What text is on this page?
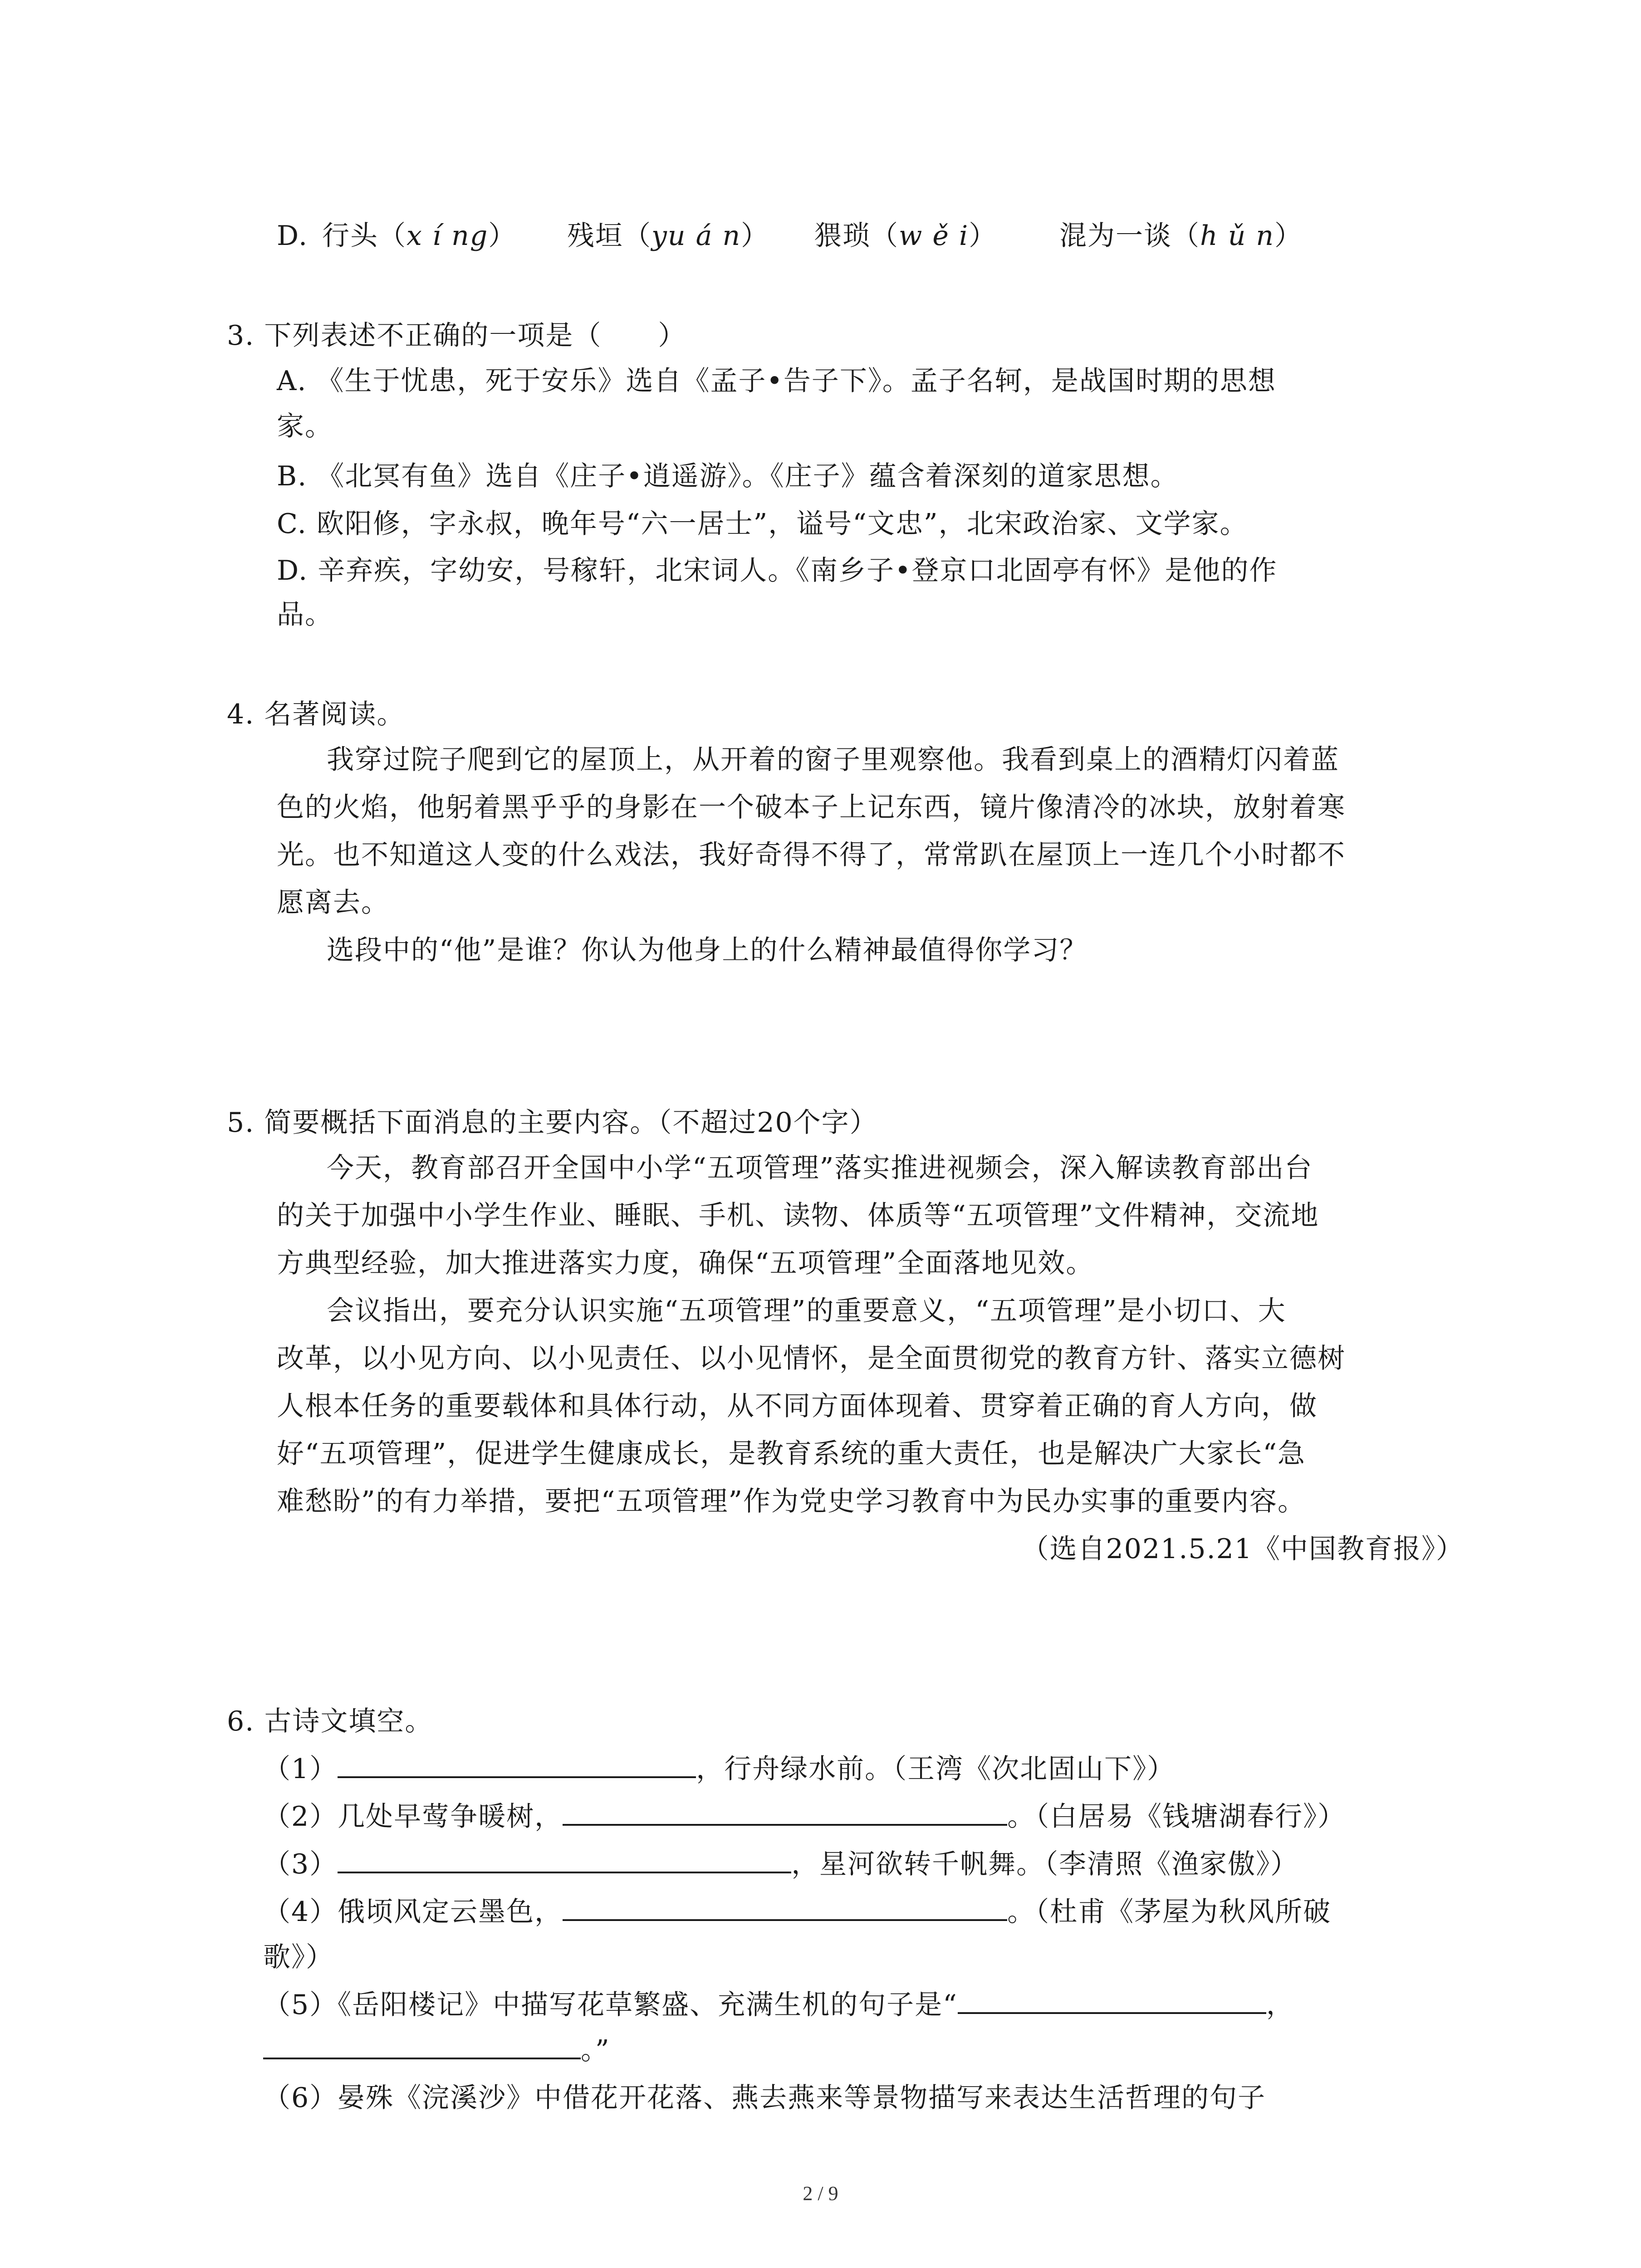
D. 行头（x í ng） 残垣（yu á n） 猥琐（w ě i） 混为一谈（h ǔ n）
3. 下列表述不正确的一项是（　　）
A. 《生于忧患，死于安乐》选自《孟子•告子下》。孟子名轲，是战国时期的思想
家。
B. 《北冥有鱼》选自《庄子•逍遥游》。《庄子》蕴含着深刻的道家思想。
C. 欧阳修，字永叔，晚年号“六一居士”，谥号“文忠”，北宋政治家、文学家。
D. 辛弃疾，字幼安，号稼轩，北宋词人。《南乡子•登京口北固亭有怀》是他的作
品。
4. 名著阅读。
我穿过院子爬到它的屋顶上，从开着的窗子里观察他。我看到桌上的酒精灯闪着蓝
色的火焰，他躬着黑乎乎的身影在一个破本子上记东西，镜片像清冷的冰块，放射着寒
光。也不知道这人变的什么戏法，我好奇得不得了，常常趴在屋顶上一连几个小时都不
愿离去。
选段中的“他”是谁？你认为他身上的什么精神最值得你学习？
5. 简要概括下面消息的主要内容。（不超过20个字）
今天，教育部召开全国中小学“五项管理”落实推进视频会，深入解读教育部出台
的关于加强中小学生作业、睡眠、手机、读物、体质等“五项管理”文件精神，交流地
方典型经验，加大推进落实力度，确保“五项管理”全面落地见效。
会议指出，要充分认识实施“五项管理”的重要意义，“五项管理”是小切口、大
改革，以小见方向、以小见责任、以小见情怀，是全面贯彻党的教育方针、落实立德树
人根本任务的重要载体和具体行动，从不同方面体现着、贯穿着正确的育人方向，做
好“五项管理”，促进学生健康成长，是教育系统的重大责任，也是解决广大家长“急
难愁盼”的有力举措，要把“五项管理”作为党史学习教育中为民办实事的重要内容。
（选自2021.5.21《中国教育报》）
6. 古诗文填空。
（1）	，行舟绿水前。（王湾《次北固山下》）
（2）几处早莺争暖树，	。（白居易《钱塘湖春行》）
（3）	，星河欲转千帆舞。（李清照《渔家傲》）
（4）俄顷风定云墨色，	。（杜甫《茅屋为秋风所破
歌》）
（5）《岳阳楼记》中描写花草繁盛、充满生机的句子是“	，
。”
（6）晏殊《浣溪沙》中借花开花落、燕去燕来等景物描写来表达生活哲理的句子
2 / 9
